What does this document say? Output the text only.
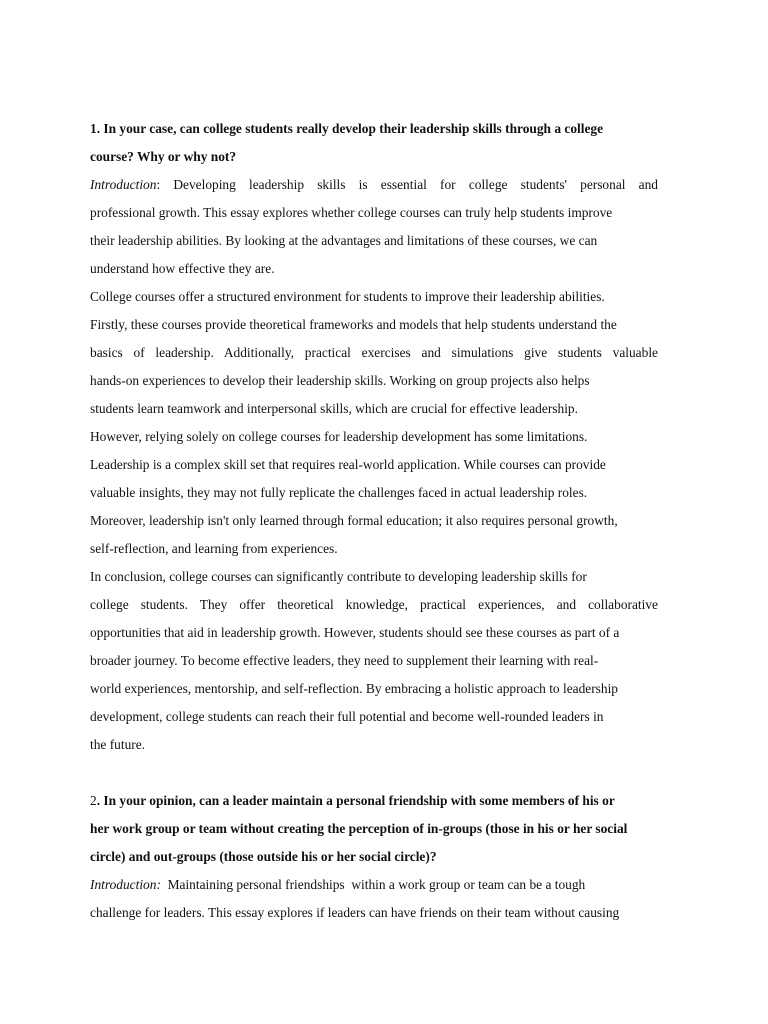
1. In your case, can college students really develop their leadership skills through a college
course? Why or why not?
Introduction: Developing leadership skills is essential for college students' personal and
professional growth. This essay explores whether college courses can truly help students improve
their leadership abilities. By looking at the advantages and limitations of these courses, we can
understand how effective they are.
College courses offer a structured environment for students to improve their leadership abilities.
Firstly, these courses provide theoretical frameworks and models that help students understand the
basics of leadership. Additionally, practical exercises and simulations give students valuable
hands-on experiences to develop their leadership skills. Working on group projects also helps
students learn teamwork and interpersonal skills, which are crucial for effective leadership.
However, relying solely on college courses for leadership development has some limitations.
Leadership is a complex skill set that requires real-world application. While courses can provide
valuable insights, they may not fully replicate the challenges faced in actual leadership roles.
Moreover, leadership isn't only learned through formal education; it also requires personal growth,
self-reflection, and learning from experiences.
In conclusion, college courses can significantly contribute to developing leadership skills for
college students. They offer theoretical knowledge, practical experiences, and collaborative
opportunities that aid in leadership growth. However, students should see these courses as part of a
broader journey. To become effective leaders, they need to supplement their learning with real-
world experiences, mentorship, and self-reflection. By embracing a holistic approach to leadership
development, college students can reach their full potential and become well-rounded leaders in
the future.
2. In your opinion, can a leader maintain a personal friendship with some members of his or
her work group or team without creating the perception of in-groups (those in his or her social
circle) and out-groups (those outside his or her social circle)?
Introduction:  Maintaining personal friendships  within a work group or team can be a tough
challenge for leaders. This essay explores if leaders can have friends on their team without causing
